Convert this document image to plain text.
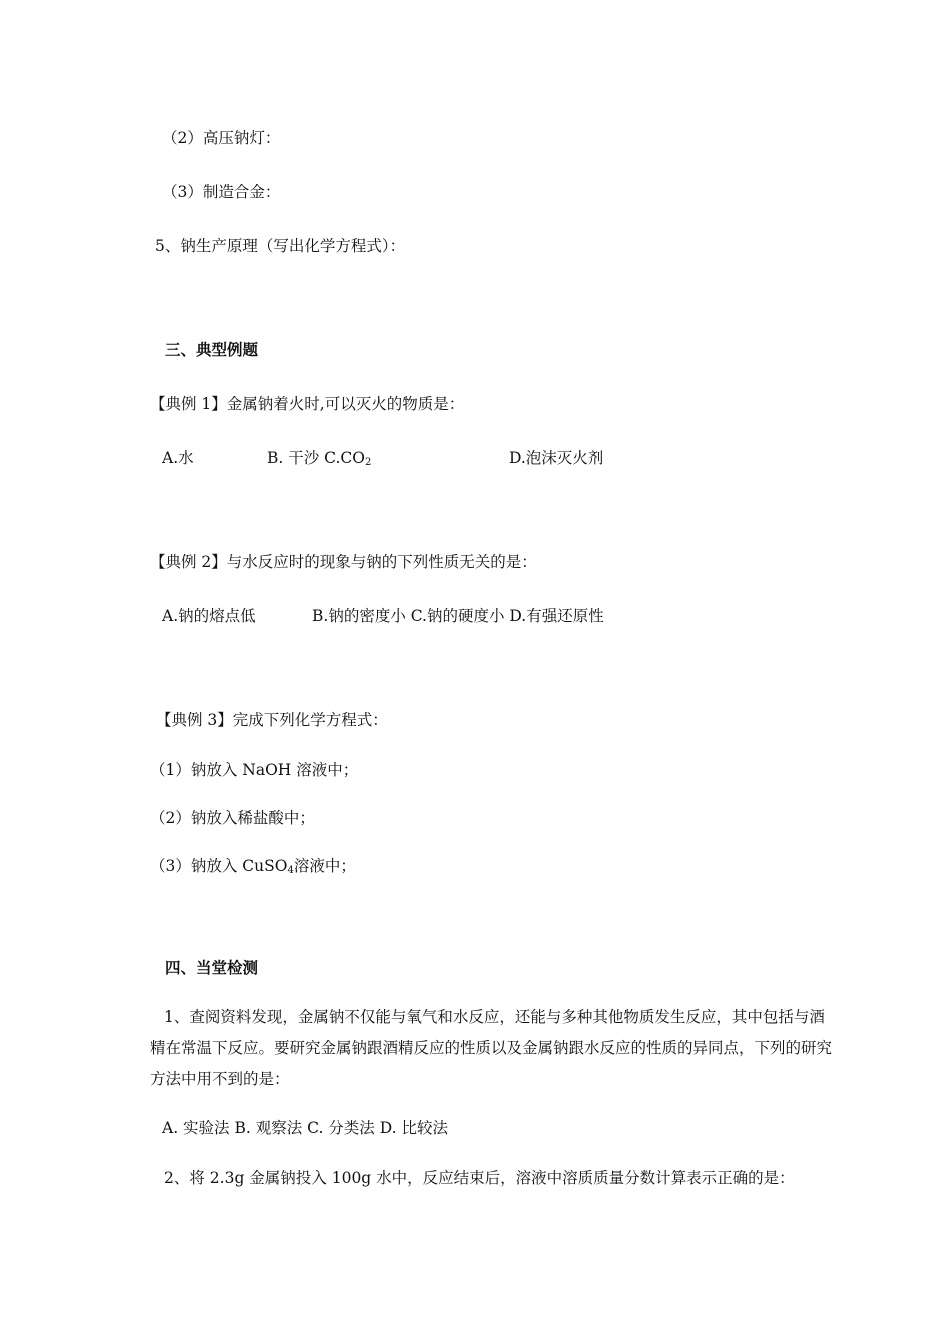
（2）高压钠灯：
（3）制造合金：
5、钠生产原理（写出化学方程式）：
三、典型例题
【典例 1】金属钠着火时,可以灭火的物质是：
A.水	B. 干沙 $C.CO_2$	D.泡沫灭火剂
【典例 2】与水反应时的现象与钠的下列性质无关的是：
A.钠的熔点低	B.钠的密度小 C.钠的硬度小 D.有强还原性
【典例 3】完成下列化学方程式：
（1）钠放入 NaOH 溶液中；
（2）钠放入稀盐酸中；
（3）钠放入 CuSO$_4$溶液中；
四、当堂检测
1、查阅资料发现，金属钠不仅能与氧气和水反应，还能与多种其他物质发生反应，其中包括与酒精在常温下反应。要研究金属钠跟酒精反应的性质以及金属钠跟水反应的性质的异同点，下列的研究方法中用不到的是：
A. 实验法 B. 观察法 C. 分类法 D. 比较法
2、将 2.3g 金属钠投入 100g 水中，反应结束后，溶液中溶质质量分数计算表示正确的是：
